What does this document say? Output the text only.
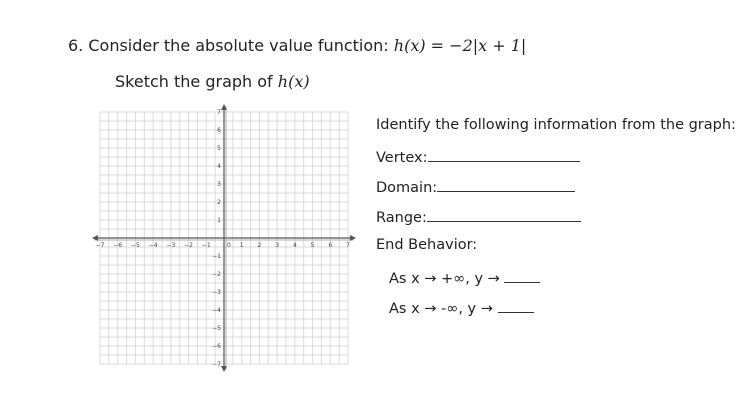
6. Consider the absolute value function: h(x) = −2|x + 1|
Sketch the graph of h(x)
−7 −6 −5 −4 −3 −2 −1	0 1 2 3 4 5 6 7
7
6
5
4
3
2
1
−1
−2
−3
−4
−5
−6
−7
Identify the following information from the graph:
Vertex:
Domain:
Range:
End Behavior:
As x → +∞, y →
As x → -∞, y →
